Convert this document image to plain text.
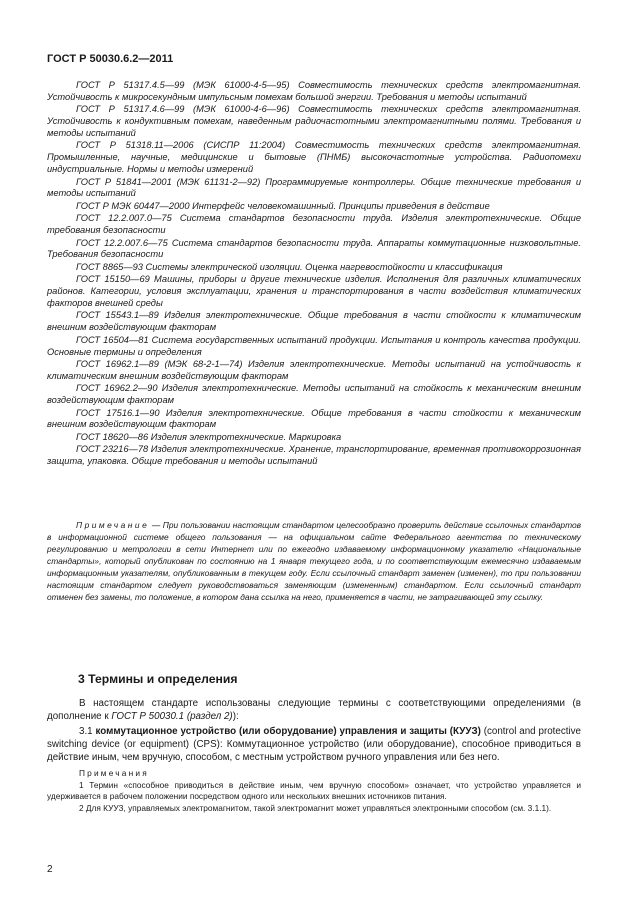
ГОСТ Р 50030.6.2—2011

ГОСТ Р 51317.4.5—99 (МЭК 61000-4-5—95) Совместимость технических средств электромагнитная. Устойчивость к микросекундным импульсным помехам большой энергии. Требования и методы испытаний

ГОСТ Р 51317.4.6—99 (МЭК 61000-4-6—96) Совместимость технических средств электромагнитная. Устойчивость к кондуктивным помехам, наведенным радиочастотными электромагнитными полями. Требования и методы испытаний

ГОСТ Р 51318.11—2006 (СИСПР 11:2004) Совместимость технических средств электромагнитная. Промышленные, научные, медицинские и бытовые (ПНМБ) высокочастотные устройства. Радиопомехи индустриальные. Нормы и методы измерений

ГОСТ Р 51841—2001 (МЭК 61131-2—92) Программируемые контроллеры. Общие технические требования и методы испытаний

ГОСТ Р МЭК 60447—2000 Интерфейс человекомашинный. Принципы приведения в действие

ГОСТ 12.2.007.0—75 Система стандартов безопасности труда. Изделия электротехнические. Общие требования безопасности

ГОСТ 12.2.007.6—75 Система стандартов безопасности труда. Аппараты коммутационные низковольтные. Требования безопасности

ГОСТ 8865—93 Системы электрической изоляции. Оценка нагревостойкости и классификация

ГОСТ 15150—69 Машины, приборы и другие технические изделия. Исполнения для различных климатических районов. Категории, условия эксплуатации, хранения и транспортирования в части воздействия климатических факторов внешней среды

ГОСТ 15543.1—89 Изделия электротехнические. Общие требования в части стойкости к климатическим внешним воздействующим факторам

ГОСТ 16504—81 Система государственных испытаний продукции. Испытания и контроль качества продукции. Основные термины и определения

ГОСТ 16962.1—89 (МЭК 68-2-1—74) Изделия электротехнические. Методы испытаний на устойчивость к климатическим внешним воздействующим факторам

ГОСТ 16962.2—90 Изделия электротехнические. Методы испытаний на стойкость к механическим внешним воздействующим факторам

ГОСТ 17516.1—90 Изделия электротехнические. Общие требования в части стойкости к механическим внешним воздействующим факторам

ГОСТ 18620—86 Изделия электротехнические. Маркировка

ГОСТ 23216—78 Изделия электротехнические. Хранение, транспортирование, временная противокоррозионная защита, упаковка. Общие требования и методы испытаний

Примечание — При пользовании настоящим стандартом целесообразно проверить действие ссылочных стандартов в информационной системе общего пользования — на официальном сайте Федерального агентства по техническому регулированию и метрологии в сети Интернет или по ежегодно издаваемому информационному указателю «Национальные стандарты», который опубликован по состоянию на 1 января текущего года, и по соответствующим ежемесячно издаваемым информационным указателям, опубликованным в текущем году. Если ссылочный стандарт заменен (изменен), то при пользовании настоящим стандартом следует руководствоваться заменяющим (измененным) стандартом. Если ссылочный стандарт отменен без замены, то положение, в котором дана ссылка на него, применяется в части, не затрагивающей эту ссылку.

3 Термины и определения

В настоящем стандарте использованы следующие термины с соответствующими определениями (в дополнение к ГОСТ Р 50030.1 (раздел 2)):

3.1 коммутационное устройство (или оборудование) управления и защиты (КУУЗ) (control and protective switching device (or equipment) (CPS): Коммутационное устройство (или оборудование), способное приводиться в действие иным, чем вручную, способом, с местным устройством ручного управления или без него.

Примечания

1 Термин «способное приводиться в действие иным, чем вручную способом» означает, что устройство управляется и удерживается в рабочем положении посредством одного или нескольких внешних источников питания.

2 Для КУУЗ, управляемых электромагнитом, такой электромагнит может управляться электронными способом (см. 3.1.1).

2
